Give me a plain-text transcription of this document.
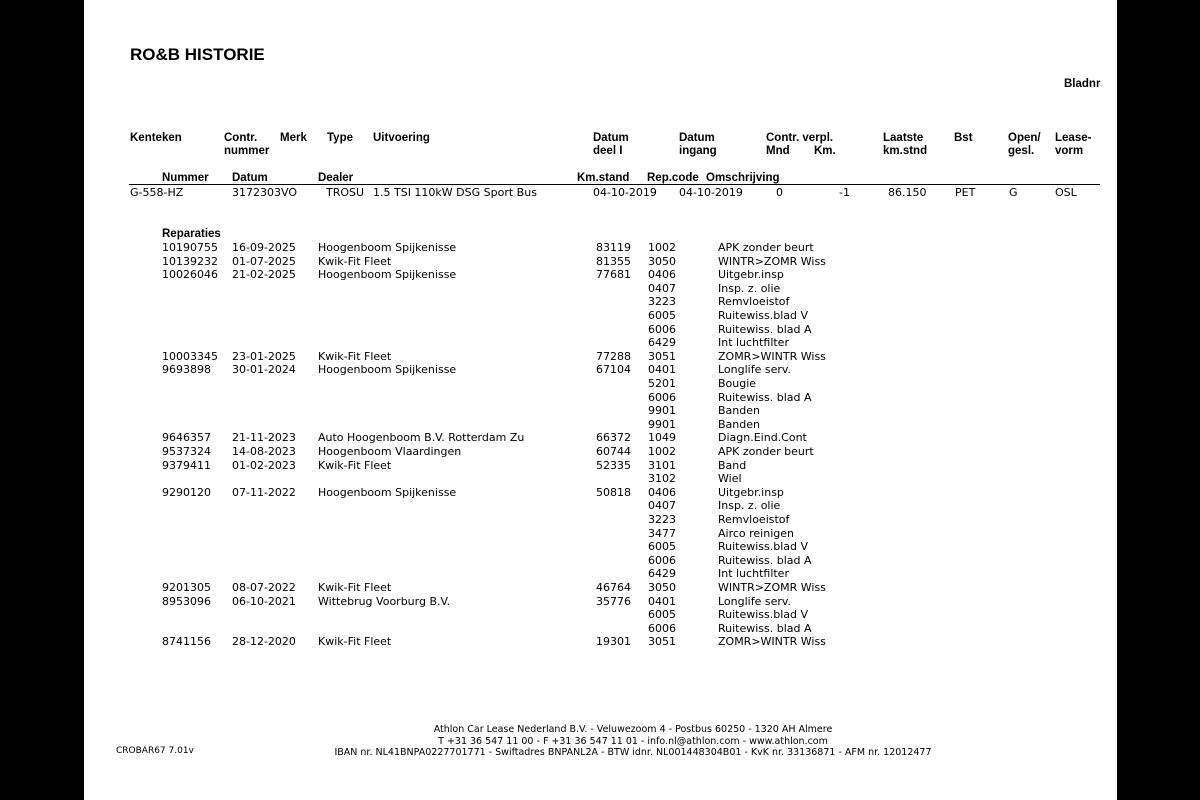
RO&B HISTORIE
Bladnr
Kenteken	Contr.
nummer
Merk Type Uitvoering	Datum
deel I
Datum
ingang
Contr. verpl.
Mnd Km.
Laatste
km.stnd
Bst	Open/
gesl.
Lease-
vorm
Nummer Datum	Dealer	Km.stand Rep.code Omschrijving
G-558-HZ	3172303VO	TROSU 1.5 TSI 110kW DSG Sport Bus	04-10-2019 04-10-2019	0	-1	86.150	PET	G	OSL
Reparaties
10190755 16-09-2025 Hoogenboom Spijkenisse	83119 1002	APK zonder beurt
10139232 01-07-2025 Kwik-Fit Fleet	81355 3050	WINTR>ZOMR Wiss
10026046 21-02-2025 Hoogenboom Spijkenisse	77681 0406	Uitgebr.insp
0407	Insp. z. olie
3223	Remvloeistof
6005	Ruitewiss.blad V
6006	Ruitewiss. blad A
6429	Int luchtfilter
10003345 23-01-2025 Kwik-Fit Fleet	77288 3051	ZOMR>WINTR Wiss
9693898 30-01-2024 Hoogenboom Spijkenisse	67104 0401	Longlife serv.
5201	Bougie
6006	Ruitewiss. blad A
9901	Banden
9901	Banden
9646357 21-11-2023 Auto Hoogenboom B.V. Rotterdam Zu	66372 1049	Diagn.Eind.Cont
9537324 14-08-2023 Hoogenboom Vlaardingen	60744 1002	APK zonder beurt
9379411 01-02-2023 Kwik-Fit Fleet	52335 3101	Band
3102	Wiel
9290120 07-11-2022 Hoogenboom Spijkenisse	50818 0406	Uitgebr.insp
0407	Insp. z. olie
3223	Remvloeistof
3477	Airco reinigen
6005	Ruitewiss.blad V
6006	Ruitewiss. blad A
6429	Int luchtfilter
9201305 08-07-2022 Kwik-Fit Fleet	46764 3050	WINTR>ZOMR Wiss
8953096 06-10-2021 Wittebrug Voorburg B.V.	35776 0401	Longlife serv.
6005	Ruitewiss.blad V
6006	Ruitewiss. blad A
8741156 28-12-2020 Kwik-Fit Fleet	19301 3051	ZOMR>WINTR Wiss
Athlon Car Lease Nederland B.V. - Veluwezoom 4 - Postbus 60250 - 1320 AH Almere
T +31 36 547 11 00 - F +31 36 547 11 01 - info.nl@athlon.com - www.athlon.com
IBAN nr. NL41BNPA0227701771 - Swiftadres BNPANL2A - BTW idnr. NL001448304B01 - KvK nr. 33136871 - AFM nr. 12012477
CROBAR67 7.01v
